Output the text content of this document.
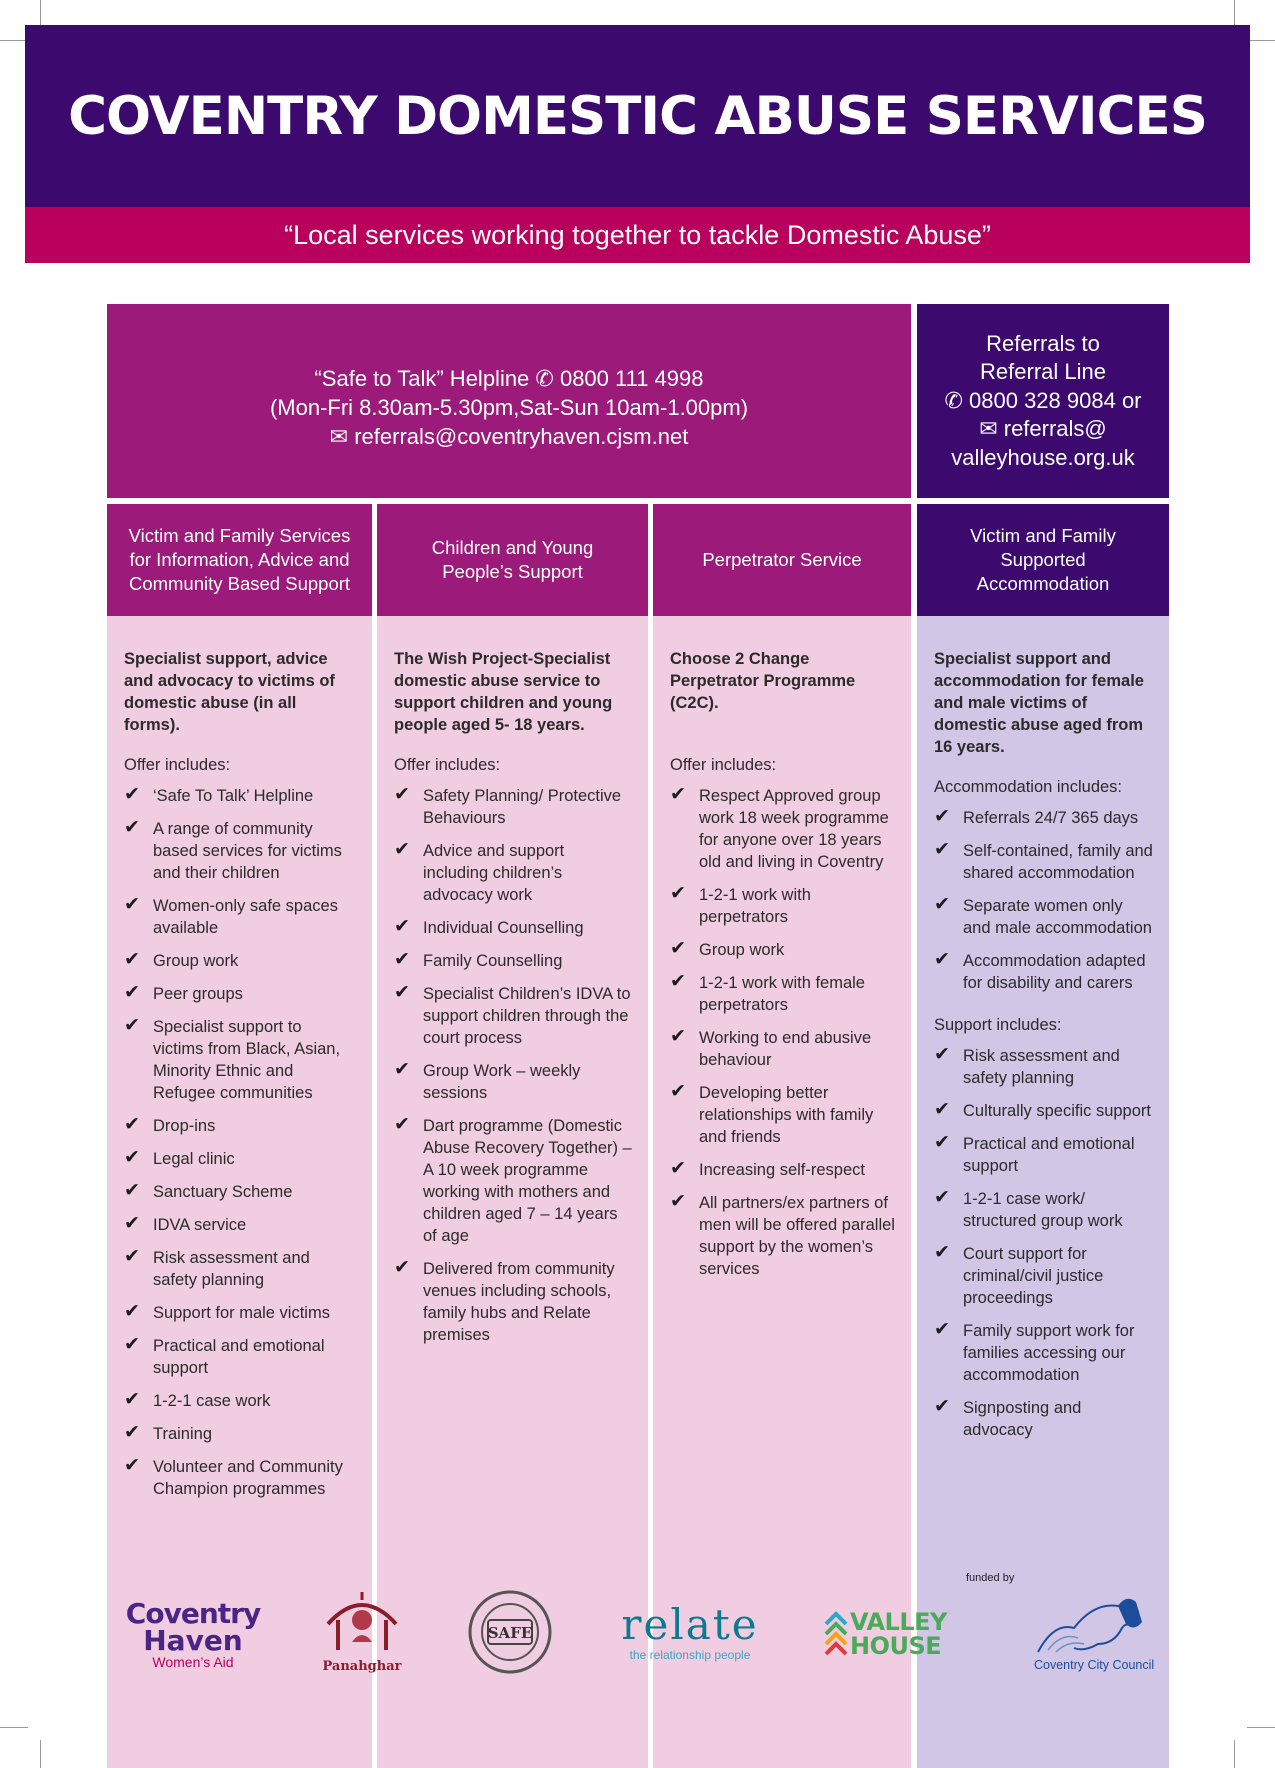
COVENTRY DOMESTIC ABUSE SERVICES
“Local services working together to tackle Domestic Abuse”
“Safe to Talk” Helpline ✆ 0800 111 4998
(Mon-Fri 8.30am-5.30pm,Sat-Sun 10am-1.00pm)
✉ referrals@coventryhaven.cjsm.net
Referrals to
Referral Line
✆ 0800 328 9084 or
✉ referrals@
valleyhouse.org.uk
Victim and Family Services
for Information, Advice and
Community Based Support
Children and Young
People’s Support
Perpetrator Service
Victim and Family
Supported
Accommodation
Specialist support, advice and advocacy to victims of domestic abuse (in all forms).
Offer includes:
✔ ‘Safe To Talk’ Helpline
✔ A range of community based services for victims and their children
✔ Women-only safe spaces available
✔ Group work
✔ Peer groups
✔ Specialist support to victims from Black, Asian, Minority Ethnic and Refugee communities
✔ Drop-ins
✔ Legal clinic
✔ Sanctuary Scheme
✔ IDVA service
✔ Risk assessment and safety planning
✔ Support for male victims
✔ Practical and emotional support
✔ 1-2-1 case work
✔ Training
✔ Volunteer and Community Champion programmes
The Wish Project-Specialist domestic abuse service to support children and young people aged 5- 18 years.
Offer includes:
✔ Safety Planning/ Protective Behaviours
✔ Advice and support including children’s advocacy work
✔ Individual Counselling
✔ Family Counselling
✔ Specialist Children’s IDVA to support children through the court process
✔ Group Work – weekly sessions
✔ Dart programme (Domestic Abuse Recovery Together) – A 10 week programme working with mothers and children aged 7 – 14 years of age
✔ Delivered from community venues including schools, family hubs and Relate premises
Choose 2 Change Perpetrator Programme (C2C).
Offer includes:
✔ Respect Approved group work 18 week programme for anyone over 18 years old and living in Coventry
✔ 1-2-1 work with perpetrators
✔ Group work
✔ 1-2-1 work with female perpetrators
✔ Working to end abusive behaviour
✔ Developing better relationships with family and friends
✔ Increasing self-respect
✔ All partners/ex partners of men will be offered parallel support by the women’s services
Specialist support and accommodation for female and male victims of domestic abuse aged from 16 years.
Accommodation includes:
✔ Referrals 24/7 365 days
✔ Self-contained, family and shared accommodation
✔ Separate women only and male accommodation
✔ Accommodation adapted for disability and carers
Support includes:
✔ Risk assessment and safety planning
✔ Culturally specific support
✔ Practical and emotional support
✔ 1-2-1 case work/ structured group work
✔ Court support for criminal/civil justice proceedings
✔ Family support work for families accessing our accommodation
✔ Signposting and advocacy
funded by
Coventry
Haven
Women’s Aid	Panahghar
SAFE relate
the relationship people
VALLEY
HOUSE
Coventry City Council
